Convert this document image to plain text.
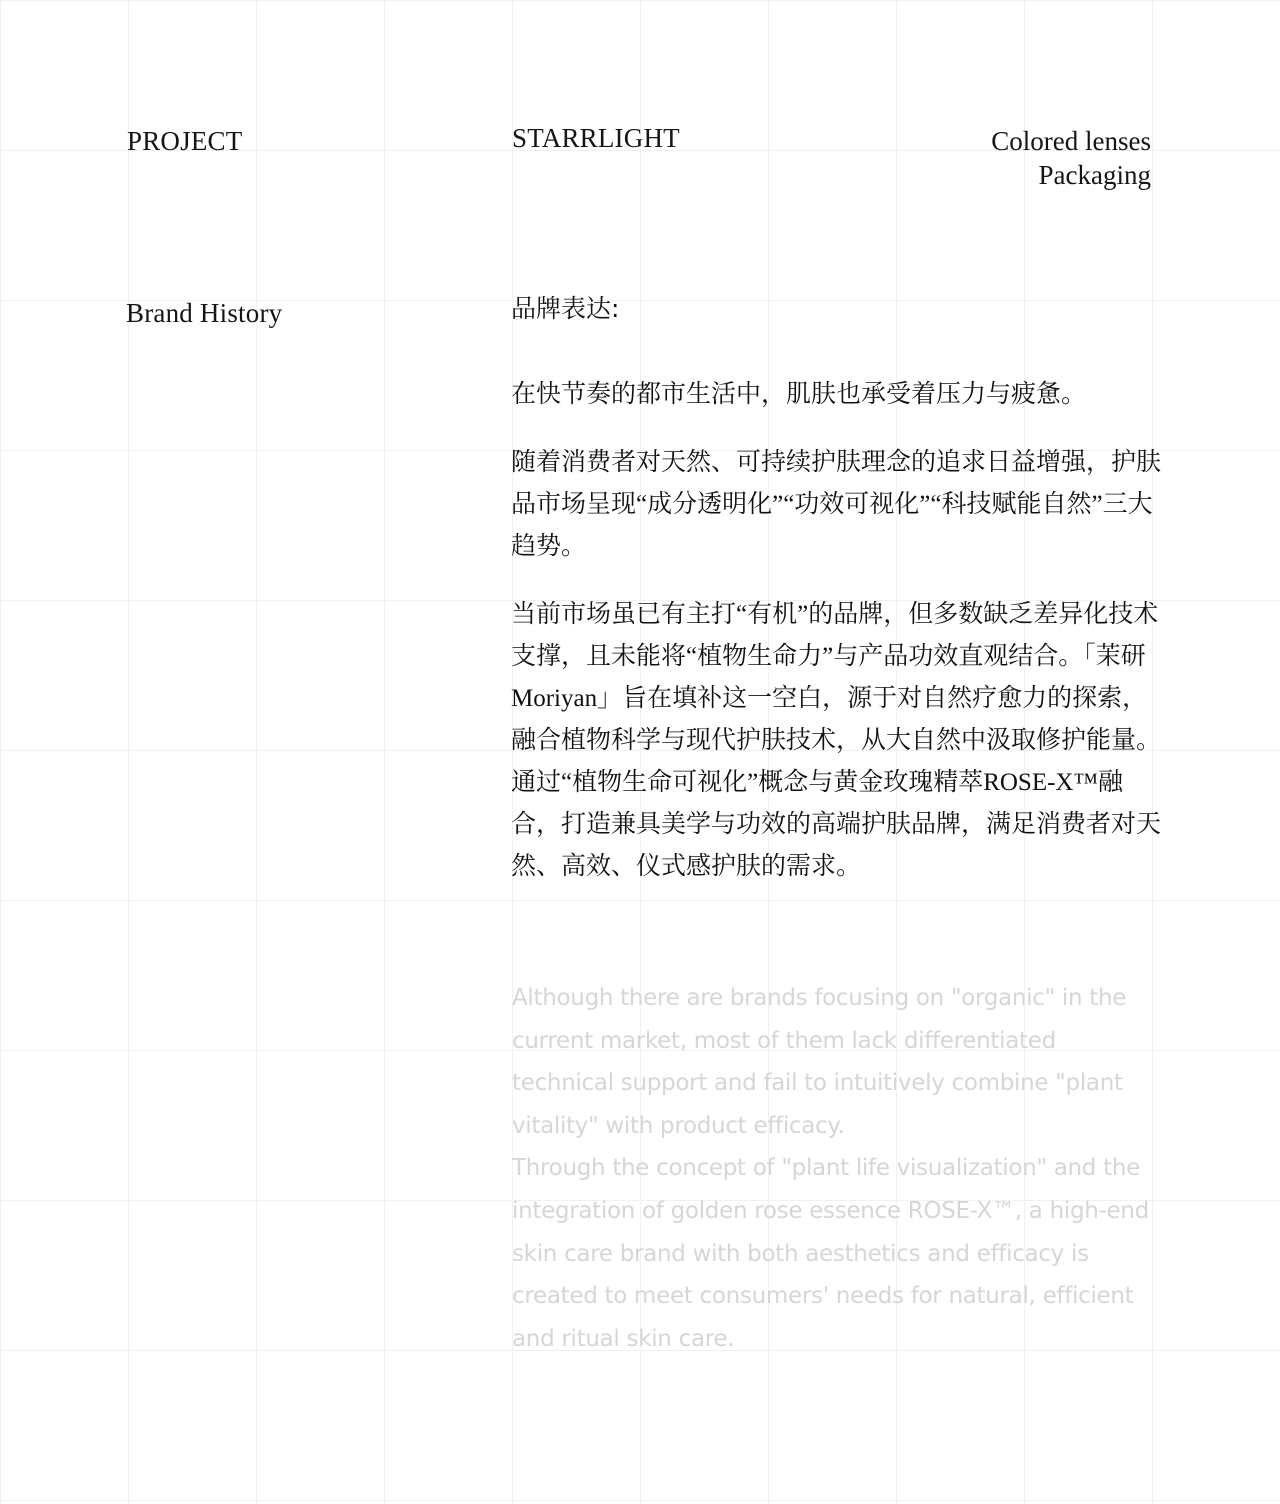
PROJECT	STARRLIGHT	Colored lenses
Packaging
Brand History	品牌表达:

在快节奏的都市生活中，肌肤也承受着压力与疲惫。

随着消费者对天然、可持续护肤理念的追求日益增强，护肤品市场呈现“成分透明化”“功效可视化”“科技赋能自然”三大趋势。

当前市场虽已有主打“有机”的品牌，但多数缺乏差异化技术支撑，且未能将“植物生命力”与产品功效直观结合。「茉研Moriyan」旨在填补这一空白，源于对自然疗愈力的探索，融合植物科学与现代护肤技术，从大自然中汲取修护能量。通过“植物生命可视化”概念与黄金玫瑰精萃ROSE-X™融合，打造兼具美学与功效的高端护肤品牌，满足消费者对天然、高效、仪式感护肤的需求。

Although there are brands focusing on "organic" in the current market, most of them lack differentiated technical support and fail to intuitively combine "plant vitality" with product efficacy.

Through the concept of "plant life visualization" and the integration of golden rose essence ROSE-X™, a high-end skin care brand with both aesthetics and efficacy is created to meet consumers' needs for natural, efficient and ritual skin care.
